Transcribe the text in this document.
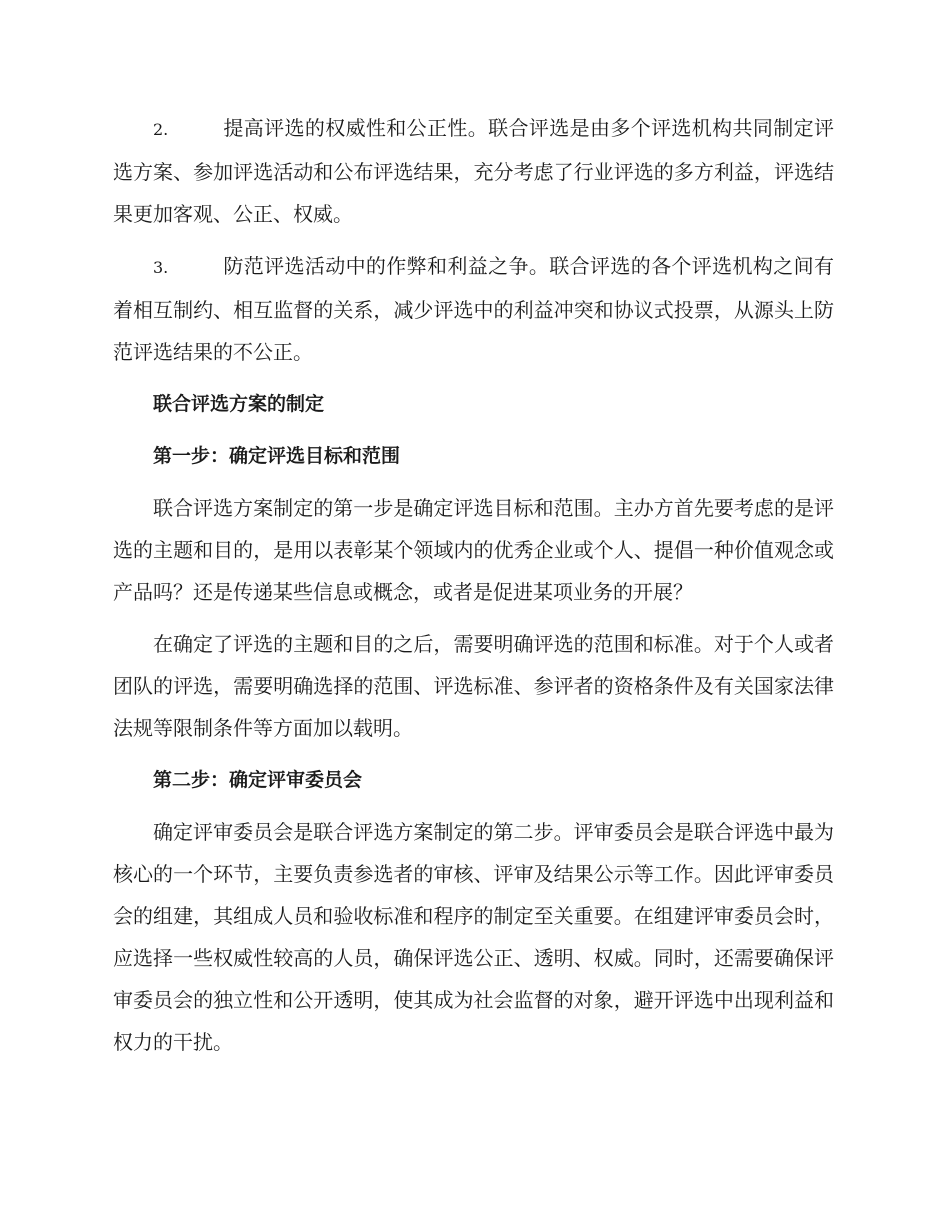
2.	提高评选的权威性和公正性。联合评选是由多个评选机构共同制定评选方案、参加评选活动和公布评选结果，充分考虑了行业评选的多方利益，评选结果更加客观、公正、权威。

3.	防范评选活动中的作弊和利益之争。联合评选的各个评选机构之间有着相互制约、相互监督的关系，减少评选中的利益冲突和协议式投票，从源头上防范评选结果的不公正。

联合评选方案的制定

第一步：确定评选目标和范围

联合评选方案制定的第一步是确定评选目标和范围。主办方首先要考虑的是评选的主题和目的，是用以表彰某个领域内的优秀企业或个人、提倡一种价值观念或产品吗？还是传递某些信息或概念，或者是促进某项业务的开展？

在确定了评选的主题和目的之后，需要明确评选的范围和标准。对于个人或者团队的评选，需要明确选择的范围、评选标准、参评者的资格条件及有关国家法律法规等限制条件等方面加以载明。

第二步：确定评审委员会

确定评审委员会是联合评选方案制定的第二步。评审委员会是联合评选中最为核心的一个环节，主要负责参选者的审核、评审及结果公示等工作。因此评审委员会的组建，其组成人员和验收标准和程序的制定至关重要。在组建评审委员会时，应选择一些权威性较高的人员，确保评选公正、透明、权威。同时，还需要确保评审委员会的独立性和公开透明，使其成为社会监督的对象，避开评选中出现利益和权力的干扰。
